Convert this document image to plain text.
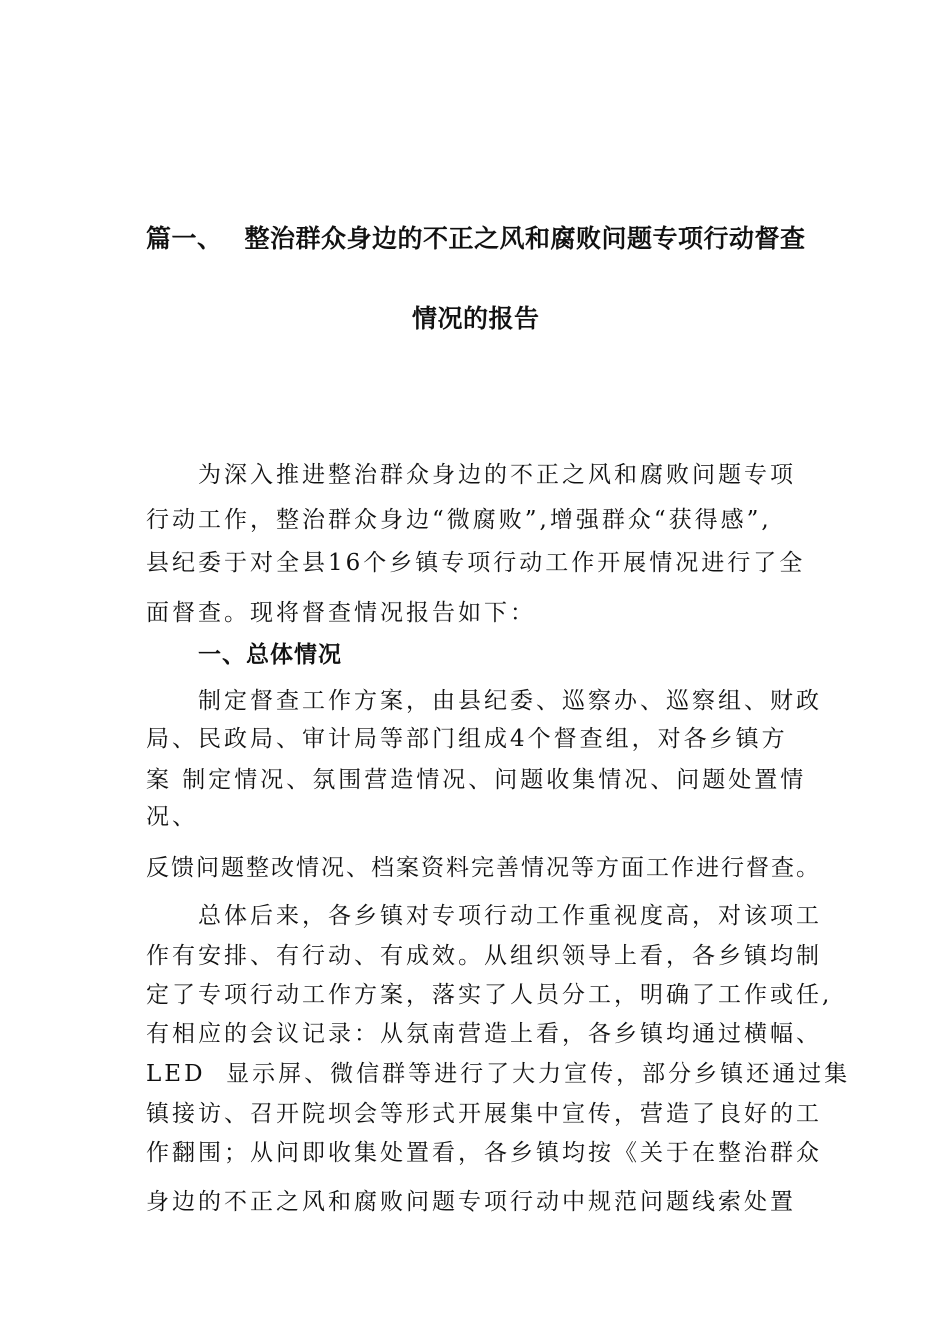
篇一、 整治群众身边的不正之风和腐败问题专项行动督查
情况的报告
为深入推进整治群众身边的不正之风和腐败问题专项
行动工作，整治群众身边“微腐败”,增强群众“获得感”,
县纪委于对全县16个乡镇专项行动工作开展情况进行了全
面督查。现将督查情况报告如下：
一、总体情况
制定督查工作方案，由县纪委、巡察办、巡察组、财政
局、民政局、审计局等部门组成4个督查组，对各乡镇方
案 制定情况、氛围营造情况、问题收集情况、问题处置情
况、
反馈问题整改情况、档案资料完善情况等方面工作进行督查。
总体后来，各乡镇对专项行动工作重视度高，对该项工
作有安排、有行动、有成效。从组织领导上看，各乡镇均制
定了专项行动工作方案，落实了人员分工，明确了工作或任,
有相应的会议记录：从氛南营造上看，各乡镇均通过横幅、
LED  显示屏、微信群等进行了大力宣传，部分乡镇还通过集
镇接访、召开院坝会等形式开展集中宣传，营造了良好的工
作翻围；从问即收集处置看，各乡镇均按《关于在整治群众
身边的不正之风和腐败问题专项行动中规范问题线索处置
